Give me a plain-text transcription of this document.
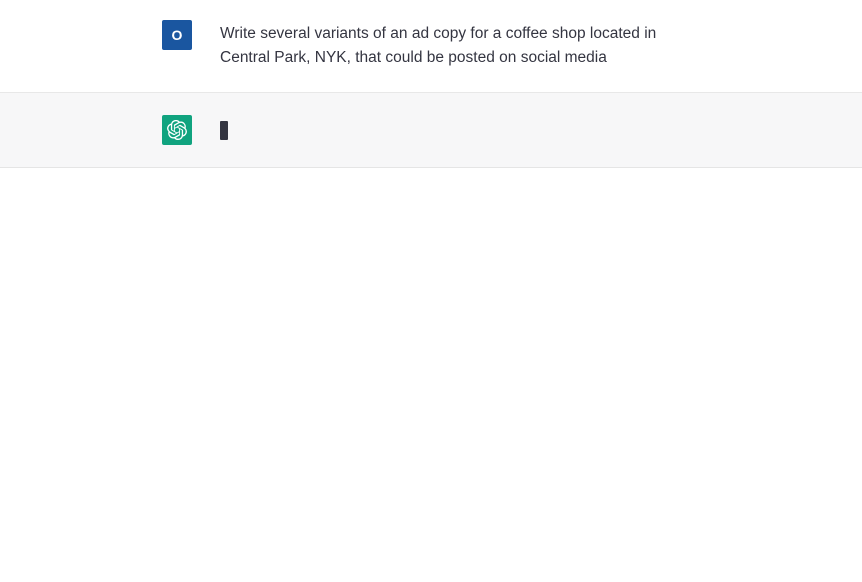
O	Write several variants of an ad copy for a coffee shop located in Central Park, NYK, that could be posted on social media
